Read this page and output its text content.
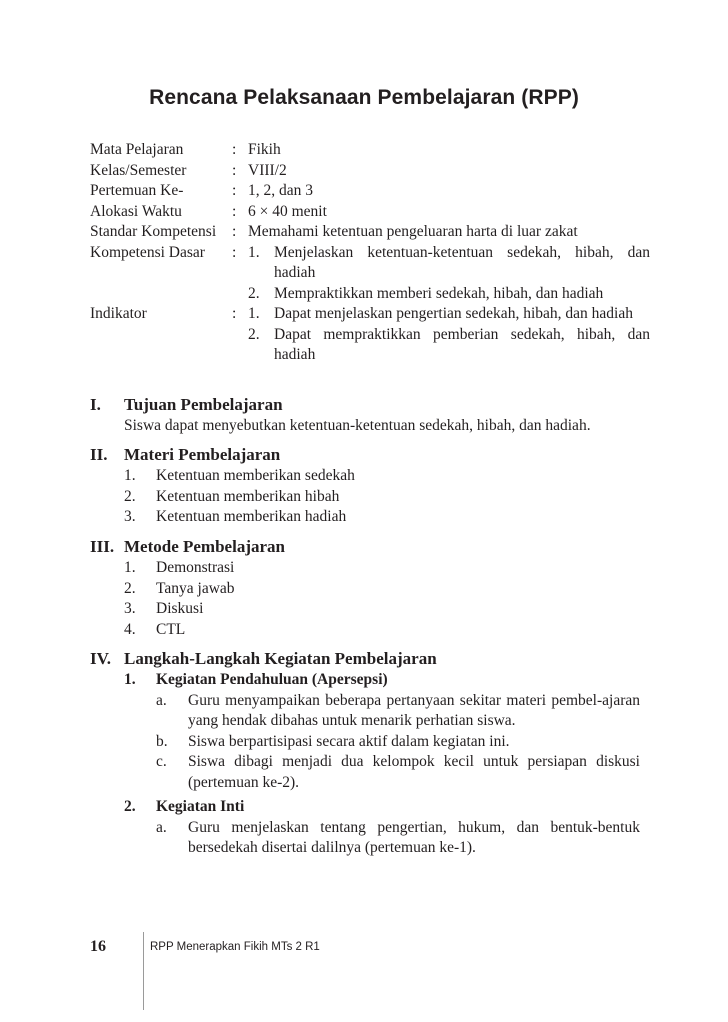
Rencana Pelaksanaan Pembelajaran (RPP)
Mata Pelajaran	: Fikih
Kelas/Semester	: VIII/2
Pertemuan Ke-	: 1, 2, dan 3
Alokasi Waktu	: 6 × 40 menit
Standar Kompetensi	: Memahami ketentuan pengeluaran harta di luar zakat
Kompetensi Dasar	: 1. Menjelaskan ketentuan-ketentuan sedekah, hibah, dan hadiah
2. Mempraktikkan memberi sedekah, hibah, dan hadiah
Indikator	: 1. Dapat menjelaskan pengertian sedekah, hibah, dan hadiah
2. Dapat mempraktikkan pemberian sedekah, hibah, dan hadiah
I.	Tujuan Pembelajaran
Siswa dapat menyebutkan ketentuan-ketentuan sedekah, hibah, dan hadiah.
II. Materi Pembelajaran
1.	Ketentuan memberikan sedekah
2.	Ketentuan memberikan hibah
3.	Ketentuan memberikan hadiah
III. Metode Pembelajaran
1.	Demonstrasi
2.	Tanya jawab
3.	Diskusi
4.	CTL
IV. Langkah-Langkah Kegiatan Pembelajaran
1.	Kegiatan Pendahuluan (Apersepsi)
a.	Guru menyampaikan beberapa pertanyaan sekitar materi pembel-ajaran yang hendak dibahas untuk menarik perhatian siswa.
b.	Siswa berpartisipasi secara aktif dalam kegiatan ini.
c.	Siswa dibagi menjadi dua kelompok kecil untuk persiapan diskusi (pertemuan ke-2).
2.	Kegiatan Inti
a.	Guru menjelaskan tentang pengertian, hukum, dan bentuk-bentuk bersedekah disertai dalilnya (pertemuan ke-1).
16	RPP Menerapkan Fikih MTs 2 R1
